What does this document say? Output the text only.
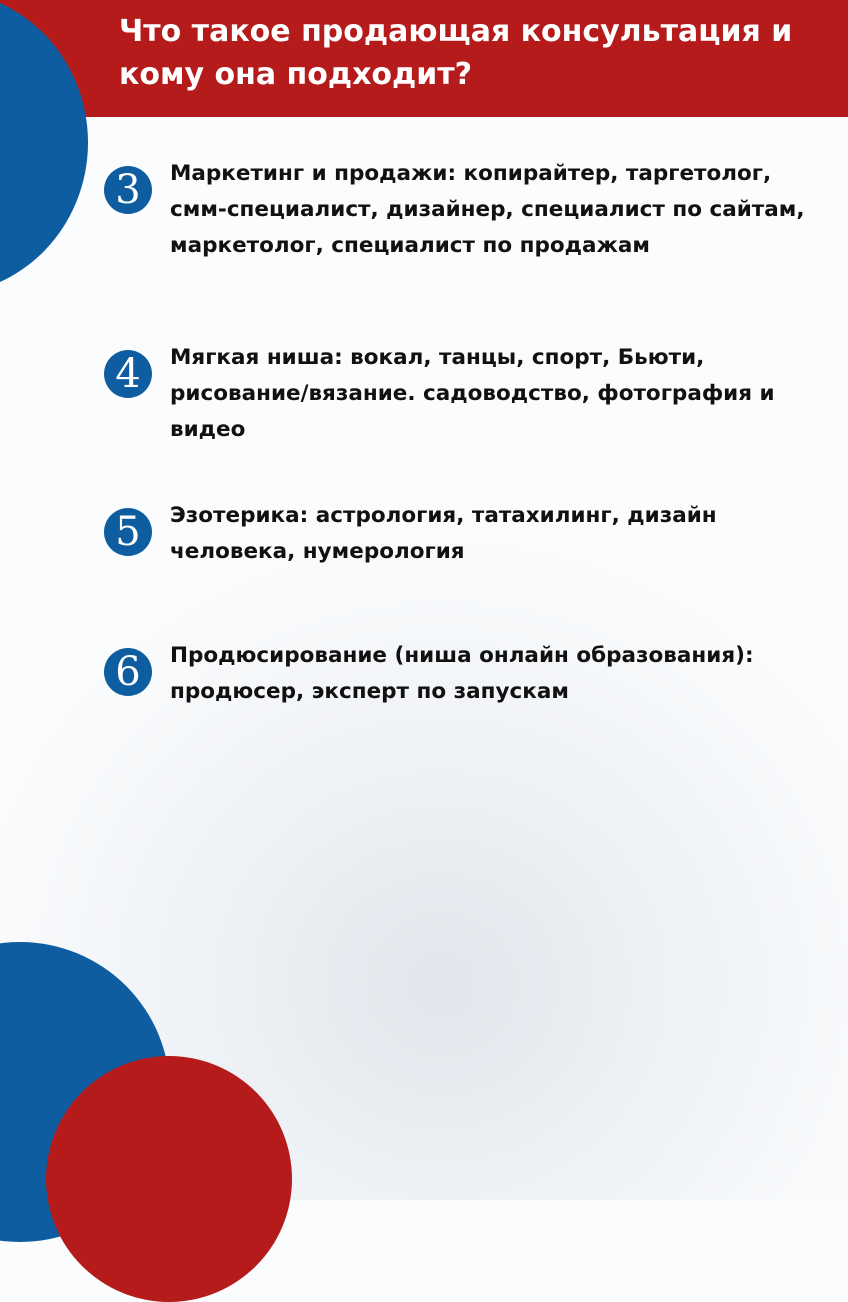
Что такое продающая консультация и кому она подходит?
3	Маркетинг и продажи: копирайтер, таргетолог, смм-специалист, дизайнер, специалист по сайтам, маркетолог, специалист по продажам

4	Мягкая ниша: вокал, танцы, спорт, Бьюти, рисование/вязание. садоводство, фотография и видео

5	Эзотерика: астрология, татахилинг, дизайн человека, нумерология

6	Продюсирование (ниша онлайн образования): продюсер, эксперт по запускам
